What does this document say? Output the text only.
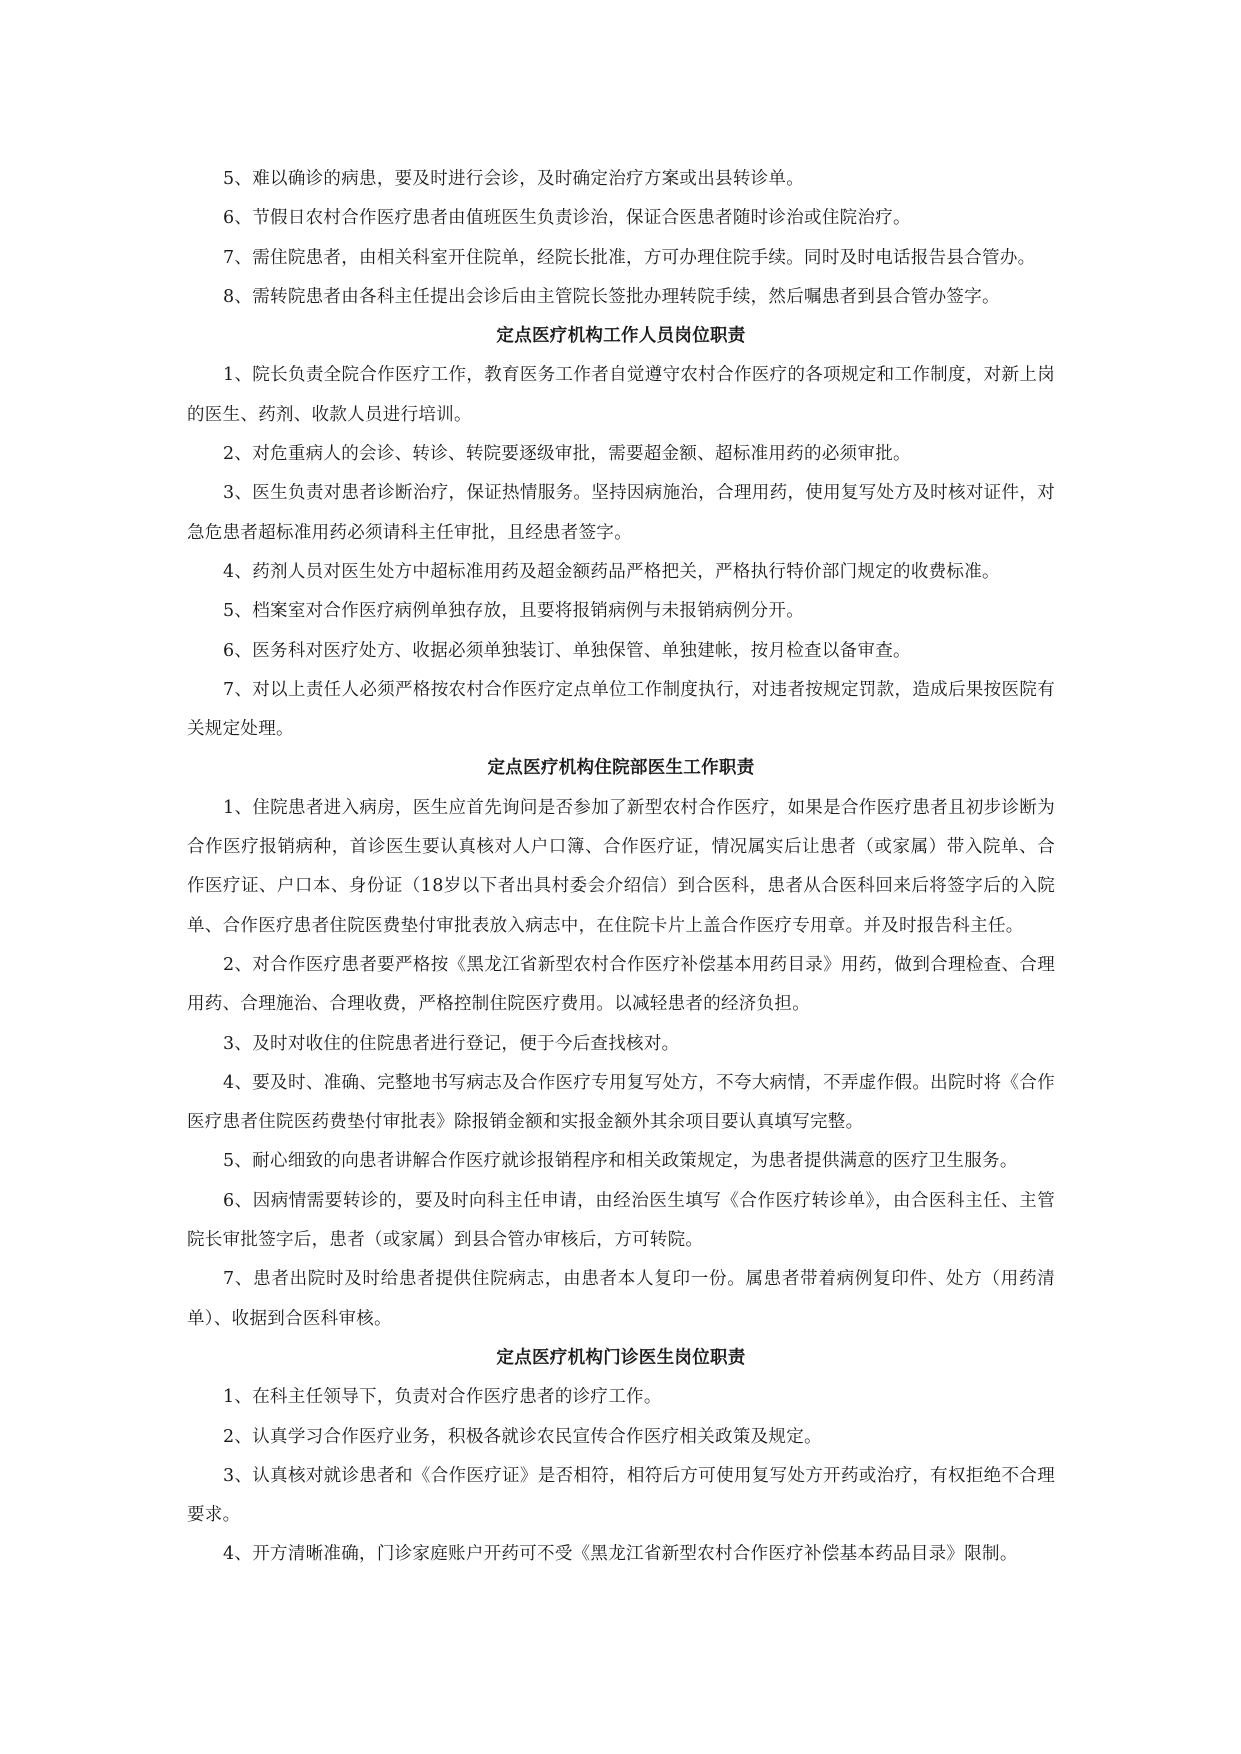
5、难以确诊的病患，要及时进行会诊，及时确定治疗方案或出县转诊单。

6、节假日农村合作医疗患者由值班医生负责诊治，保证合医患者随时诊治或住院治疗。

7、需住院患者，由相关科室开住院单，经院长批准，方可办理住院手续。同时及时电话报告县合管办。

8、需转院患者由各科主任提出会诊后由主管院长签批办理转院手续，然后嘱患者到县合管办签字。

定点医疗机构工作人员岗位职责

1、院长负责全院合作医疗工作，教育医务工作者自觉遵守农村合作医疗的各项规定和工作制度，对新上岗的医生、药剂、收款人员进行培训。

2、对危重病人的会诊、转诊、转院要逐级审批，需要超金额、超标准用药的必须审批。

3、医生负责对患者诊断治疗，保证热情服务。坚持因病施治，合理用药，使用复写处方及时核对证件，对急危患者超标准用药必须请科主任审批，且经患者签字。

4、药剂人员对医生处方中超标准用药及超金额药品严格把关，严格执行特价部门规定的收费标准。

5、档案室对合作医疗病例单独存放，且要将报销病例与未报销病例分开。

6、医务科对医疗处方、收据必须单独装订、单独保管、单独建帐，按月检查以备审查。

7、对以上责任人必须严格按农村合作医疗定点单位工作制度执行，对违者按规定罚款，造成后果按医院有关规定处理。

定点医疗机构住院部医生工作职责

1、住院患者进入病房，医生应首先询问是否参加了新型农村合作医疗，如果是合作医疗患者且初步诊断为合作医疗报销病种，首诊医生要认真核对人户口簿、合作医疗证，情况属实后让患者（或家属）带入院单、合作医疗证、户口本、身份证（18岁以下者出具村委会介绍信）到合医科，患者从合医科回来后将签字后的入院单、合作医疗患者住院医费垫付审批表放入病志中，在住院卡片上盖合作医疗专用章。并及时报告科主任。

2、对合作医疗患者要严格按《黑龙江省新型农村合作医疗补偿基本用药目录》用药，做到合理检查、合理用药、合理施治、合理收费，严格控制住院医疗费用。以减轻患者的经济负担。

3、及时对收住的住院患者进行登记，便于今后查找核对。

4、要及时、准确、完整地书写病志及合作医疗专用复写处方，不夸大病情，不弄虚作假。出院时将《合作医疗患者住院医药费垫付审批表》除报销金额和实报金额外其余项目要认真填写完整。

5、耐心细致的向患者讲解合作医疗就诊报销程序和相关政策规定，为患者提供满意的医疗卫生服务。

6、因病情需要转诊的，要及时向科主任申请，由经治医生填写《合作医疗转诊单》，由合医科主任、主管院长审批签字后，患者（或家属）到县合管办审核后，方可转院。

7、患者出院时及时给患者提供住院病志，由患者本人复印一份。属患者带着病例复印件、处方（用药清单）、收据到合医科审核。

定点医疗机构门诊医生岗位职责

1、在科主任领导下，负责对合作医疗患者的诊疗工作。

2、认真学习合作医疗业务，积极各就诊农民宣传合作医疗相关政策及规定。

3、认真核对就诊患者和《合作医疗证》是否相符，相符后方可使用复写处方开药或治疗，有权拒绝不合理要求。

4、开方清晰准确，门诊家庭账户开药可不受《黑龙江省新型农村合作医疗补偿基本药品目录》限制。
